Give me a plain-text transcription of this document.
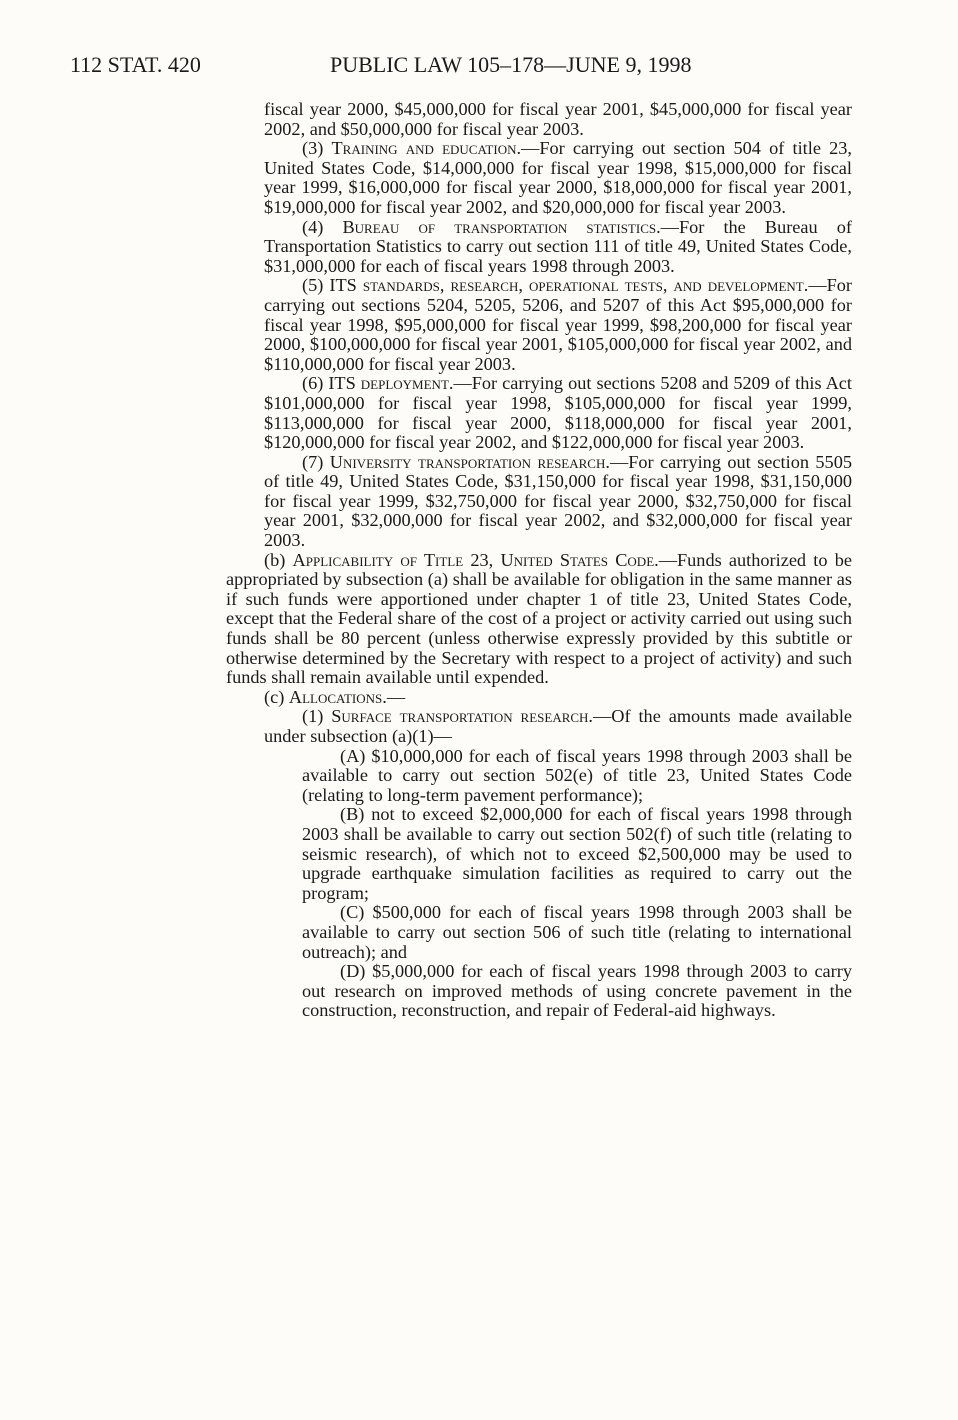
112 STAT. 420	PUBLIC LAW 105–178—JUNE 9, 1998

fiscal year 2000, $45,000,000 for fiscal year 2001, $45,000,000 for fiscal year 2002, and $50,000,000 for fiscal year 2003.

(3) Training and education.—For carrying out section 504 of title 23, United States Code, $14,000,000 for fiscal year 1998, $15,000,000 for fiscal year 1999, $16,000,000 for fiscal year 2000, $18,000,000 for fiscal year 2001, $19,000,000 for fiscal year 2002, and $20,000,000 for fiscal year 2003.

(4) Bureau of transportation statistics.—For the Bureau of Transportation Statistics to carry out section 111 of title 49, United States Code, $31,000,000 for each of fiscal years 1998 through 2003.

(5) ITS standards, research, operational tests, and development.—For carrying out sections 5204, 5205, 5206, and 5207 of this Act $95,000,000 for fiscal year 1998, $95,000,000 for fiscal year 1999, $98,200,000 for fiscal year 2000, $100,000,000 for fiscal year 2001, $105,000,000 for fiscal year 2002, and $110,000,000 for fiscal year 2003.

(6) ITS deployment.—For carrying out sections 5208 and 5209 of this Act $101,000,000 for fiscal year 1998, $105,000,000 for fiscal year 1999, $113,000,000 for fiscal year 2000, $118,000,000 for fiscal year 2001, $120,000,000 for fiscal year 2002, and $122,000,000 for fiscal year 2003.

(7) University transportation research.—For carrying out section 5505 of title 49, United States Code, $31,150,000 for fiscal year 1998, $31,150,000 for fiscal year 1999, $32,750,000 for fiscal year 2000, $32,750,000 for fiscal year 2001, $32,000,000 for fiscal year 2002, and $32,000,000 for fiscal year 2003.

(b) Applicability of Title 23, United States Code.—Funds authorized to be appropriated by subsection (a) shall be available for obligation in the same manner as if such funds were apportioned under chapter 1 of title 23, United States Code, except that the Federal share of the cost of a project or activity carried out using such funds shall be 80 percent (unless otherwise expressly provided by this subtitle or otherwise determined by the Secretary with respect to a project of activity) and such funds shall remain available until expended.

(c) Allocations.—

(1) Surface transportation research.—Of the amounts made available under subsection (a)(1)—

(A) $10,000,000 for each of fiscal years 1998 through 2003 shall be available to carry out section 502(e) of title 23, United States Code (relating to long-term pavement performance);

(B) not to exceed $2,000,000 for each of fiscal years 1998 through 2003 shall be available to carry out section 502(f) of such title (relating to seismic research), of which not to exceed $2,500,000 may be used to upgrade earthquake simulation facilities as required to carry out the program;

(C) $500,000 for each of fiscal years 1998 through 2003 shall be available to carry out section 506 of such title (relating to international outreach); and

(D) $5,000,000 for each of fiscal years 1998 through 2003 to carry out research on improved methods of using concrete pavement in the construction, reconstruction, and repair of Federal-aid highways.
